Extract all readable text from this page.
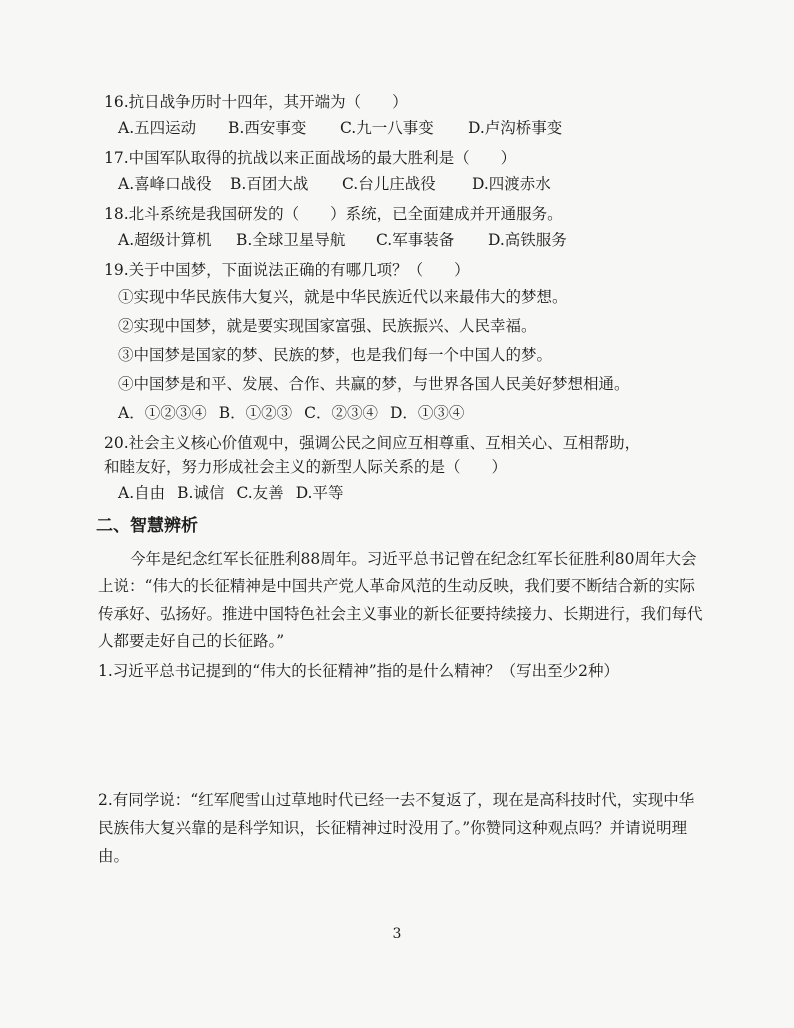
16.抗日战争历时十四年，其开端为（　　）

A.五四运动	B.西安事变	C.九一八事变	D.卢沟桥事变

17.中国军队取得的抗战以来正面战场的最大胜利是（　　）

A.喜峰口战役	B.百团大战	C.台儿庄战役	D.四渡赤水

18.北斗系统是我国研发的（　　）系统，已全面建成并开通服务。

A.超级计算机	B.全球卫星导航	C.军事装备	D.高铁服务

19.关于中国梦，下面说法正确的有哪几项？（　　）

①实现中华民族伟大复兴，就是中华民族近代以来最伟大的梦想。

②实现中国梦，就是要实现国家富强、民族振兴、人民幸福。

③中国梦是国家的梦、民族的梦，也是我们每一个中国人的梦。

④中国梦是和平、发展、合作、共赢的梦，与世界各国人民美好梦想相通。

A．①②③④ B．①②③ C．②③④ D．①③④

20.社会主义核心价值观中，强调公民之间应互相尊重、互相关心、互相帮助，

和睦友好，努力形成社会主义的新型人际关系的是（　　）

A.自由 B.诚信 C.友善 D.平等
二、智慧辨析

今年是纪念红军长征胜利88周年。习近平总书记曾在纪念红军长征胜利80周年大会上说：“伟大的长征精神是中国共产党人革命风范的生动反映，我们要不断结合新的实际传承好、弘扬好。推进中国特色社会主义事业的新长征要持续接力、长期进行，我们每代人都要走好自己的长征路。”

1.习近平总书记提到的“伟大的长征精神”指的是什么精神？（写出至少2种）

2.有同学说：“红军爬雪山过草地时代已经一去不复返了，现在是高科技时代，实现中华民族伟大复兴靠的是科学知识，长征精神过时没用了。”你赞同这种观点吗？并请说明理由。

3
